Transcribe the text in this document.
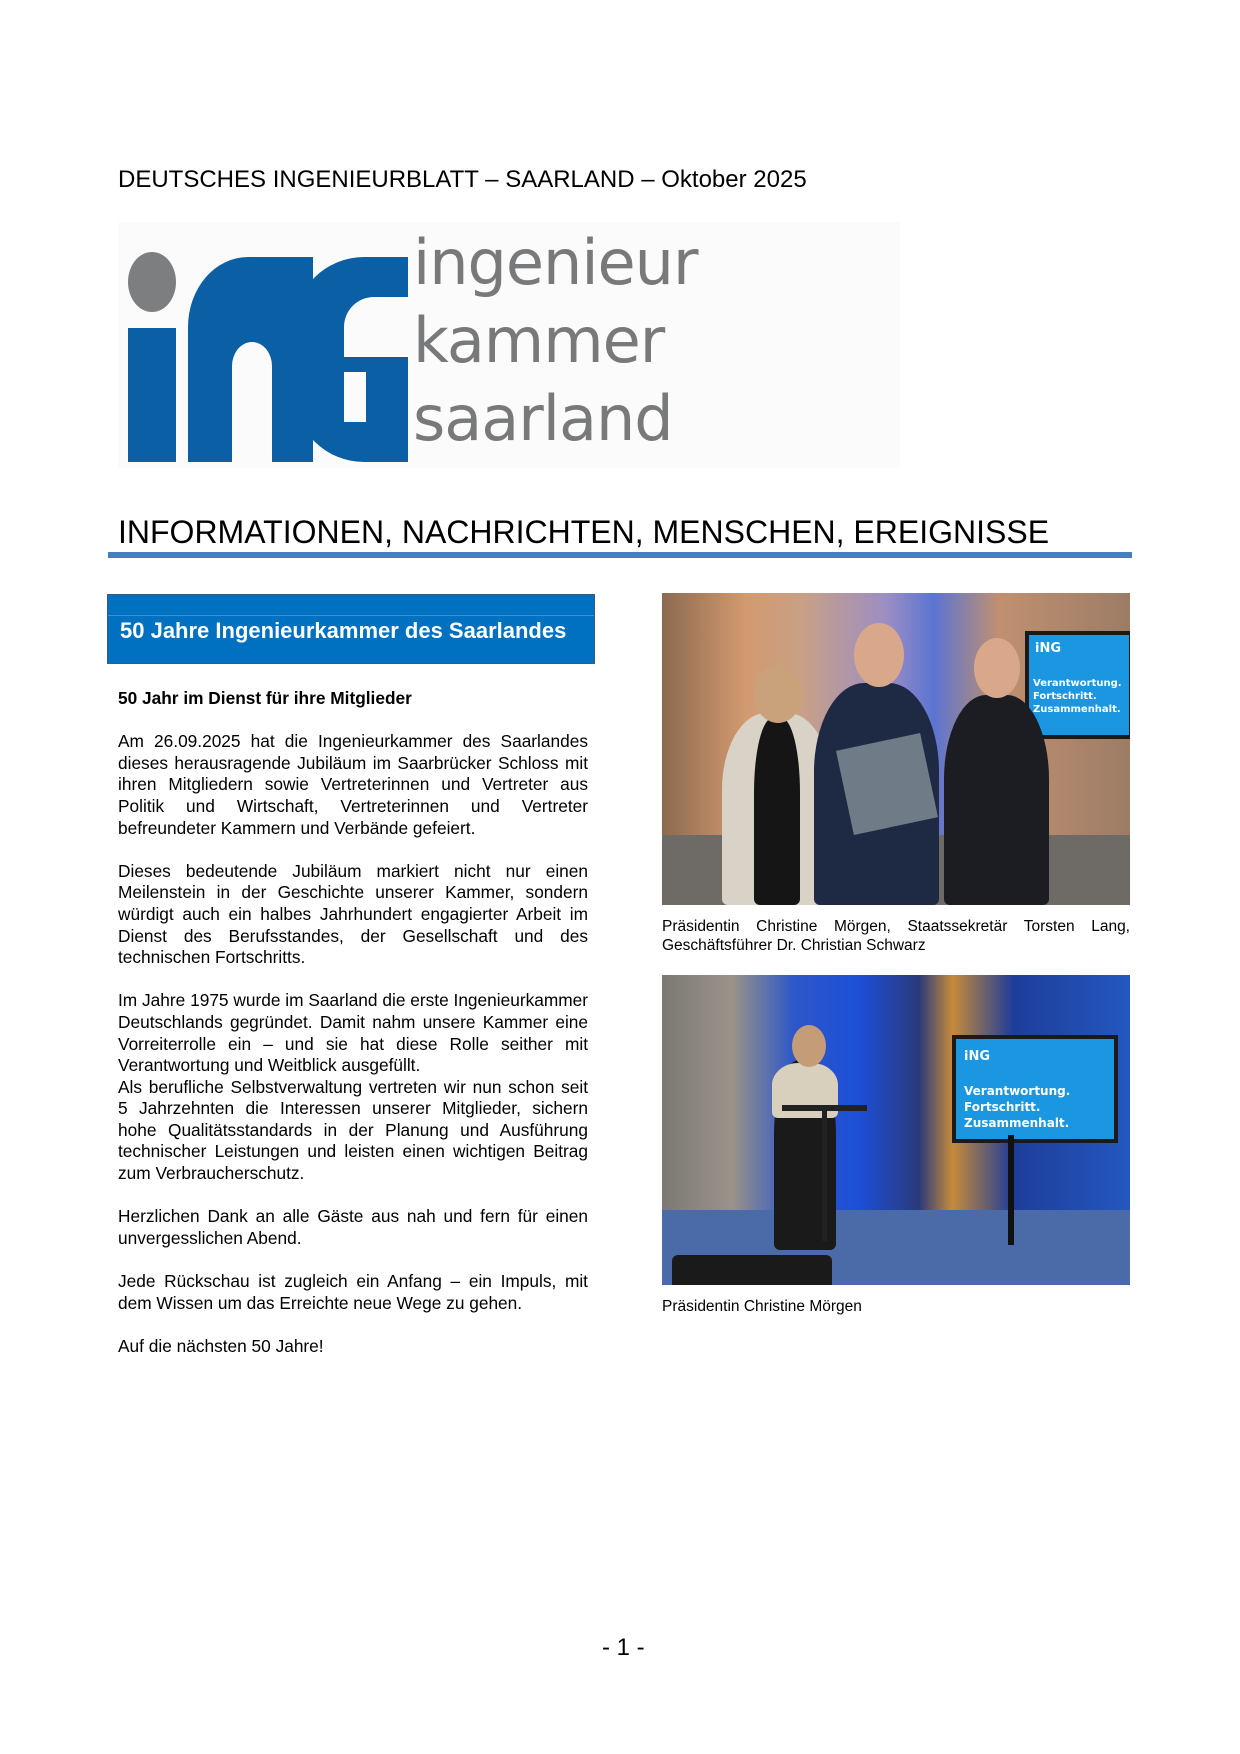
DEUTSCHES INGENIEURBLATT – SAARLAND – Oktober 2025
ingenieur
kammer
saarland
INFORMATIONEN, NACHRICHTEN, MENSCHEN, EREIGNISSE
50 Jahre Ingenieurkammer des Saarlandes

50 Jahr im Dienst für ihre Mitglieder

Am 26.09.2025 hat die Ingenieurkammer des Saarlandes dieses herausragende Jubiläum im Saarbrücker Schloss mit ihren Mitgliedern sowie Vertreterinnen und Vertreter aus Politik und Wirtschaft, Vertreterinnen und Vertreter befreundeter Kammern und Verbände gefeiert.

Dieses bedeutende Jubiläum markiert nicht nur einen Meilenstein in der Geschichte unserer Kammer, sondern würdigt auch ein halbes Jahrhundert engagierter Arbeit im Dienst des Berufsstandes, der Gesellschaft und des technischen Fortschritts.

Im Jahre 1975 wurde im Saarland die erste Ingenieurkammer Deutschlands gegründet. Damit nahm unsere Kammer eine Vorreiterrolle ein – und sie hat diese Rolle seither mit Verantwortung und Weitblick ausgefüllt.

Als berufliche Selbstverwaltung vertreten wir nun schon seit 5 Jahrzehnten die Interessen unserer Mitglieder, sichern hohe Qualitätsstandards in der Planung und Ausführung technischer Leistungen und leisten einen wichtigen Beitrag zum Verbraucherschutz.

Herzlichen Dank an alle Gäste aus nah und fern für einen unvergesslichen Abend.

Jede Rückschau ist zugleich ein Anfang – ein Impuls, mit dem Wissen um das Erreichte neue Wege zu gehen.

Auf die nächsten 50 Jahre!

iNG
Verantwortung.
Fortschritt.
Zusammenhalt.
Präsidentin Christine Mörgen, Staatssekretär Torsten Lang, Geschäftsführer Dr. Christian Schwarz
iNG
Verantwortung.
Fortschritt.
Zusammenhalt.
Präsidentin Christine Mörgen
- 1 -
